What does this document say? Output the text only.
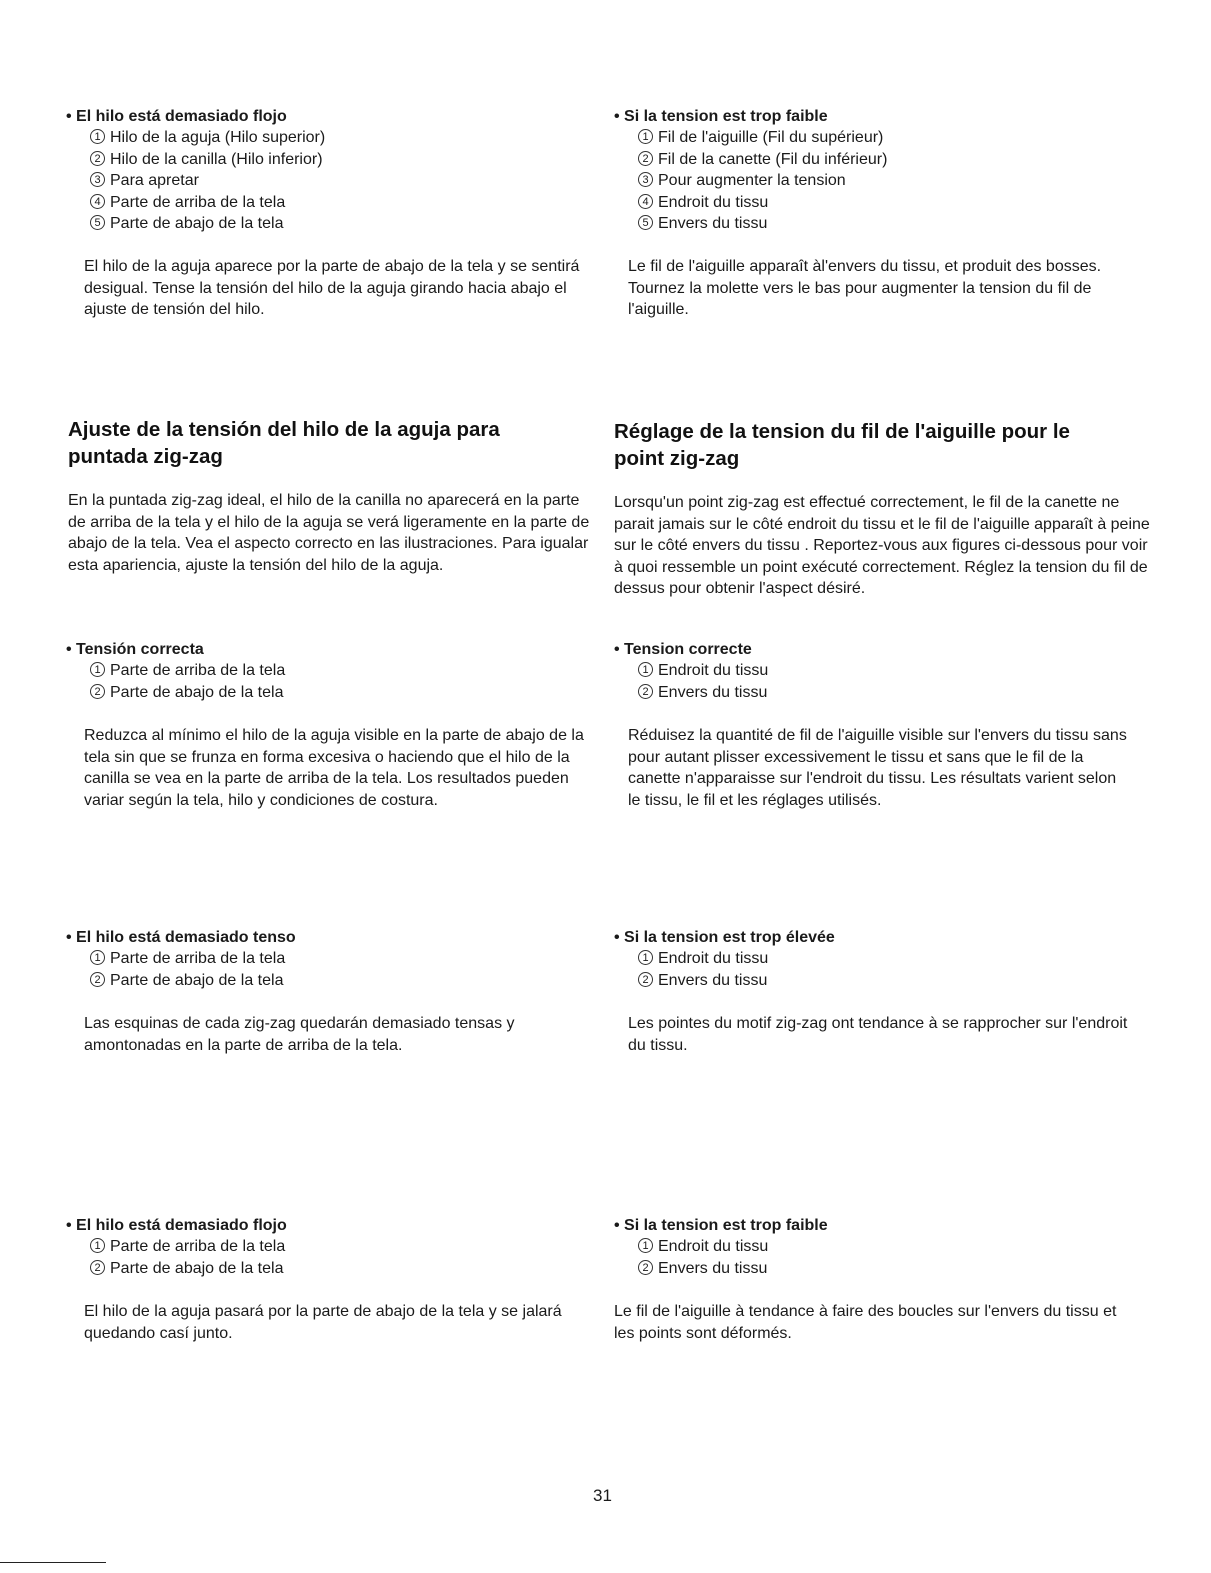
• El hilo está demasiado flojo
1 Hilo de la aguja (Hilo superior)
2 Hilo de la canilla (Hilo inferior)
3 Para apretar
4 Parte de arriba de la tela
5 Parte de abajo de la tela
El hilo de la aguja aparece por la parte de abajo de la tela y se sentirá desigual. Tense la tensión del hilo de la aguja girando hacia abajo el ajuste de tensión del hilo.
Ajuste de la tensión del hilo de la aguja para puntada zig-zag
En la puntada zig-zag ideal, el hilo de la canilla no aparecerá en la parte de arriba de la tela y el hilo de la aguja se verá ligeramente en la parte de abajo de la tela. Vea el aspecto correcto en las ilustraciones. Para igualar esta apariencia, ajuste la tensión del hilo de la aguja.
• Tensión correcta
1 Parte de arriba de la tela
2 Parte de abajo de la tela
Reduzca al mínimo el hilo de la aguja visible en la parte de abajo de la tela sin que se frunza en forma excesiva o haciendo que el hilo de la canilla se vea en la parte de arriba de la tela. Los resultados pueden variar según la tela, hilo y condiciones de costura.
• El hilo está demasiado tenso
1 Parte de arriba de la tela
2 Parte de abajo de la tela
Las esquinas de cada zig-zag quedarán demasiado tensas y amontonadas en la parte de arriba de la tela.
• El hilo está demasiado flojo
1 Parte de arriba de la tela
2 Parte de abajo de la tela
El hilo de la aguja pasará por la parte de abajo de la tela y se jalará quedando casí junto.
• Si la tension est trop faible
1 Fil de l'aiguille (Fil du supérieur)
2 Fil de la canette (Fil du inférieur)
3 Pour augmenter la tension
4 Endroit du tissu
5 Envers du tissu
Le fil de l'aiguille apparaît àl'envers du tissu, et produit des bosses. Tournez la molette vers le bas pour augmenter la tension du fil de l'aiguille.
Réglage de la tension du fil de l'aiguille pour le point zig-zag
Lorsqu'un point zig-zag est effectué correctement, le fil de la canette ne parait jamais sur le côté endroit du tissu et le fil de l'aiguille apparaît à peine sur le côté envers du tissu . Reportez-vous aux figures ci-dessous pour voir à quoi ressemble un point exécuté correctement. Réglez la tension du fil de dessus pour obtenir l'aspect désiré.
• Tension correcte
1 Endroit du tissu
2 Envers du tissu
Réduisez la quantité de fil de l'aiguille visible sur l'envers du tissu sans pour autant plisser excessivement le tissu et sans que le fil de la canette n'apparaisse sur l'endroit du tissu. Les résultats varient selon le tissu, le fil et les réglages utilisés.
• Si la tension est trop élevée
1 Endroit du tissu
2 Envers du tissu
Les pointes du motif zig-zag ont tendance à se rapprocher sur l'endroit du tissu.
• Si la tension est trop faible
1 Endroit du tissu
2 Envers du tissu
Le fil de l'aiguille à tendance à faire des boucles sur l'envers du tissu et les points sont déformés.
31
